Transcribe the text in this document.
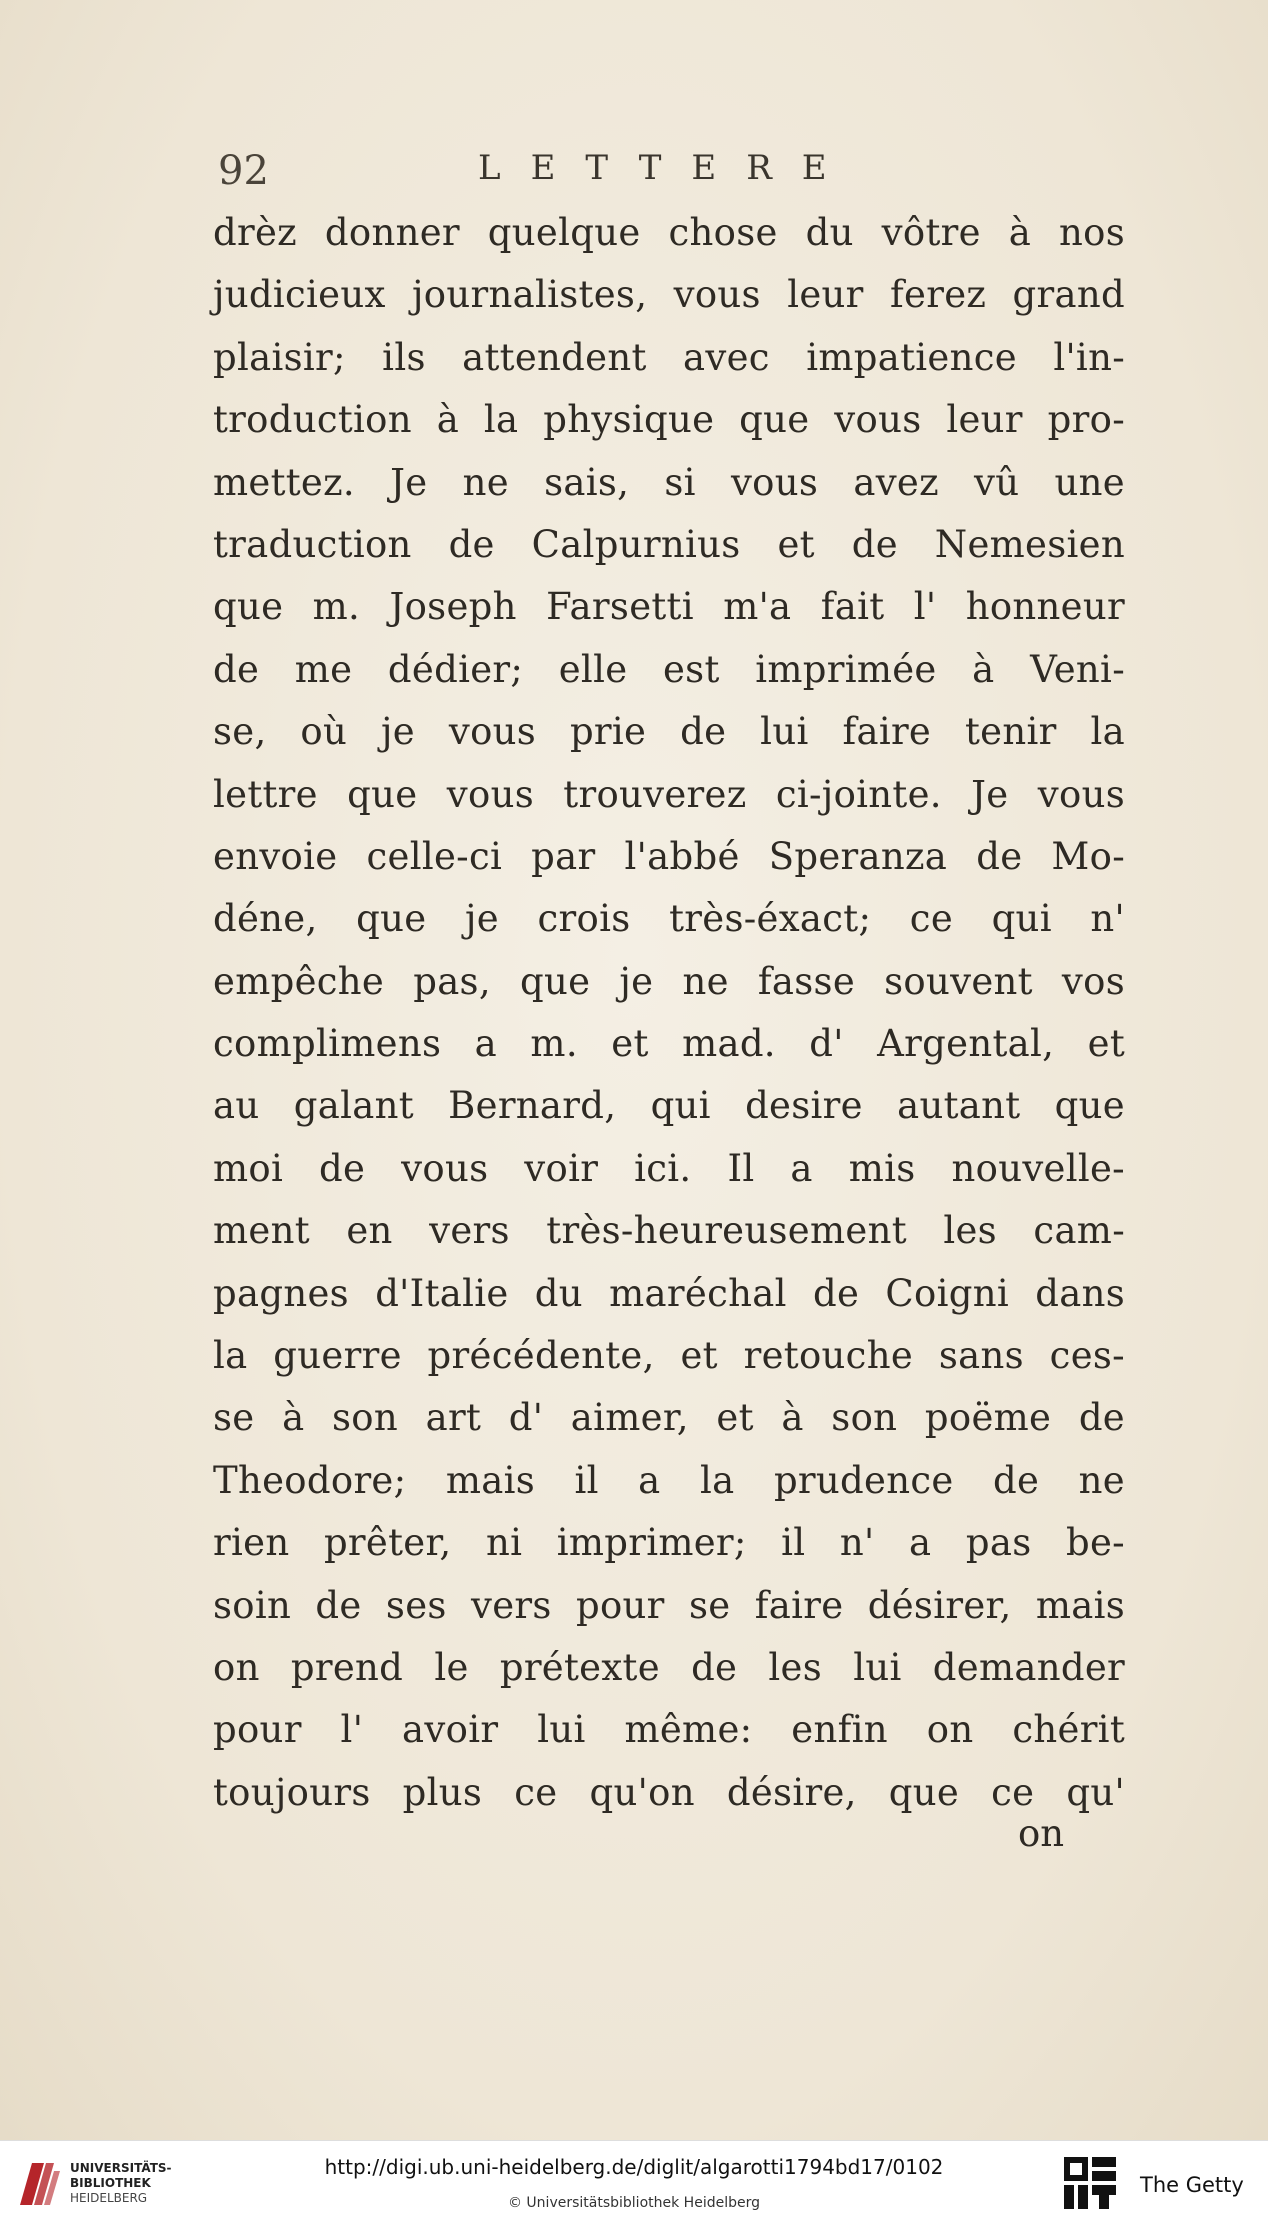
92	LETTERE
drèz donner quelque chose du vôtre à nos
judicieux journalistes, vous leur ferez grand
plaisir; ils attendent avec impatience l'in-
troduction à la physique que vous leur pro-
mettez. Je ne sais, si vous avez vû une
traduction de Calpurnius et de Nemesien
que m. Joseph Farsetti m'a fait l' honneur
de me dédier; elle est imprimée à Veni-
se, où je vous prie de lui faire tenir la
lettre que vous trouverez ci-jointe. Je vous
envoie celle-ci par l'abbé Speranza de Mo-
déne, que je crois très-éxact; ce qui n'
empêche pas, que je ne fasse souvent vos
complimens a m. et mad. d' Argental, et
au galant Bernard, qui desire autant que
moi de vous voir ici. Il a mis nouvelle-
ment en vers très-heureusement les cam-
pagnes d'Italie du maréchal de Coigni dans
la guerre précédente, et retouche sans ces-
se à son art d' aimer, et à son poëme de
Theodore; mais il a la prudence de ne
rien prêter, ni imprimer; il n' a pas be-
soin de ses vers pour se faire désirer, mais
on prend le prétexte de les lui demander
pour l' avoir lui même: enfin on chérit
toujours plus ce qu'on désire, que ce qu'
on
UNIVERSITÄTS-
BIBLIOTHEK
HEIDELBERG
http://digi.ub.uni-heidelberg.de/diglit/algarotti1794bd17/0102
© Universitätsbibliothek Heidelberg
The Getty
